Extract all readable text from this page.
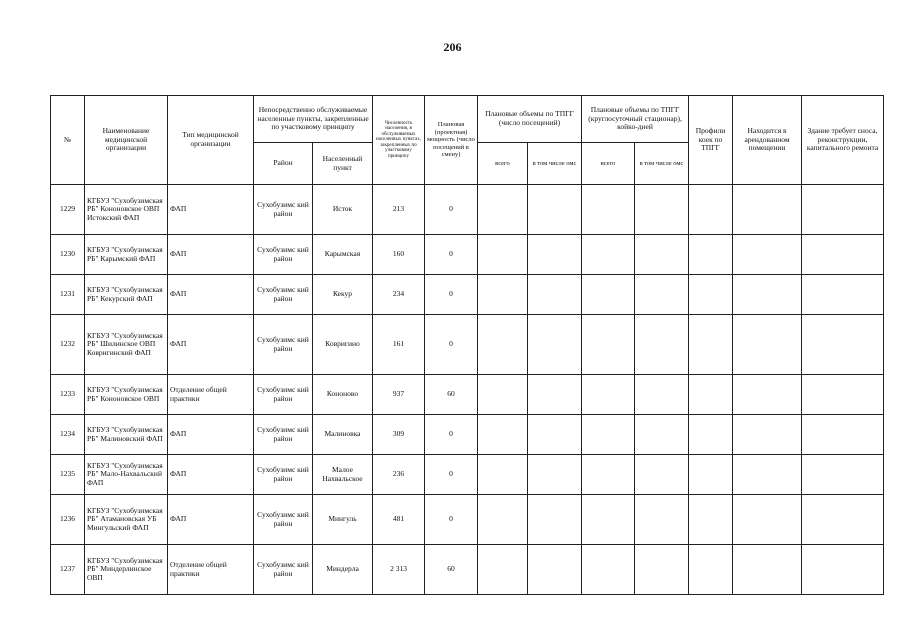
206
№	Наименование медицинской организации	Тип медицинской организации	Непосредственно обслуживаемые населенные пункты, закрепленные по участковому принципу		Численность населения, в обслуживаемых населенных пунктах, закрепленных по участковому принципу	Плановая (проектная) мощность (число посещений в смену)	Плановые объемы по ТПГГ (число посещений)		Плановые объемы по ТПГГ (круглосуточный стационар), койко-дней		Профили коек по ТПГГ	Находится в арендованном помещении	Здание требует сноса, реконструкции, капитального ремонта
			Район	Населенный пункт			всего	в том числе омс	всего	в том числе омс			
1229	КГБУЗ "Сухобузимская РБ" Кононовское ОВП Истокский ФАП	ФАП	Сухобузимс кий район	Исток	213	0							
1230	КГБУЗ "Сухобузимская РБ" Карымский ФАП	ФАП	Сухобузимс кий район	Карымская	160	0							
1231	КГБУЗ "Сухобузимская РБ" Кекурский ФАП	ФАП	Сухобузимс кий район	Кекур	234	0							
1232	КГБУЗ "Сухобузимская РБ" Шилинское ОВП Ковригинский ФАП	ФАП	Сухобузимс кий район	Ковригино	161	0							
1233	КГБУЗ "Сухобузимская РБ" Кононовское ОВП	Отделение общей практики	Сухобузимс кий район	Кононово	937	60							
1234	КГБУЗ "Сухобузимская РБ" Малиновский ФАП	ФАП	Сухобузимс кий район	Малиновка	309	0							
1235	КГБУЗ "Сухобузимская РБ" Мало-Нахвальский ФАП	ФАП	Сухобузимс кий район	Малое Нахвальское	236	0							
1236	КГБУЗ "Сухобузимская РБ" Атамановская УБ Мингульский ФАП	ФАП	Сухобузимс кий район	Мингуль	481	0							
1237	КГБУЗ "Сухобузимская РБ" Миндерлинское ОВП	Отделение общей практики	Сухобузимс кий район	Миндерла	2 313	60							
